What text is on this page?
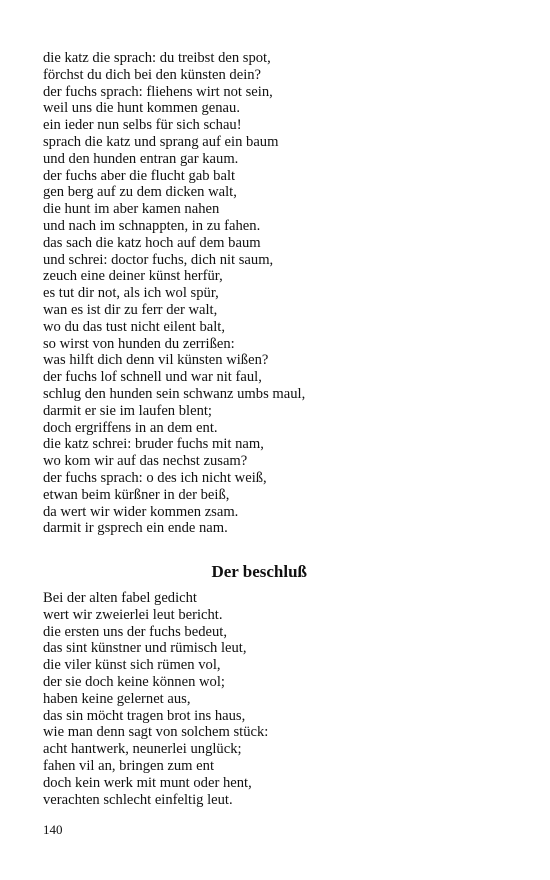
die katz die sprach: du treibst den spot,
förchst du dich bei den künsten dein?
der fuchs sprach: fliehens wirt not sein,
weil uns die hunt kommen genau.
ein ieder nun selbs für sich schau!
sprach die katz und sprang auf ein baum
und den hunden entran gar kaum.
der fuchs aber die flucht gab balt
gen berg auf zu dem dicken walt,
die hunt im aber kamen nahen
und nach im schnappten, in zu fahen.
das sach die katz hoch auf dem baum
und schrei: doctor fuchs, dich nit saum,
zeuch eine deiner künst herfür,
es tut dir not, als ich wol spür,
wan es ist dir zu ferr der walt,
wo du das tust nicht eilent balt,
so wirst von hunden du zerrißen:
was hilft dich denn vil künsten wißen?
der fuchs lof schnell und war nit faul,
schlug den hunden sein schwanz umbs maul,
darmit er sie im laufen blent;
doch ergriffens in an dem ent.
die katz schrei: bruder fuchs mit nam,
wo kom wir auf das nechst zusam?
der fuchs sprach: o des ich nicht weiß,
etwan beim kürßner in der beiß,
da wert wir wider kommen zsam.
darmit ir gsprech ein ende nam.
Der beschluß
Bei der alten fabel gedicht
wert wir zweierlei leut bericht.
die ersten uns der fuchs bedeut,
das sint künstner und rümisch leut,
die viler künst sich rümen vol,
der sie doch keine können wol;
haben keine gelernet aus,
das sin möcht tragen brot ins haus,
wie man denn sagt von solchem stück:
acht hantwerk, neunerlei unglück;
fahen vil an, bringen zum ent
doch kein werk mit munt oder hent,
verachten schlecht einfeltig leut.
140
